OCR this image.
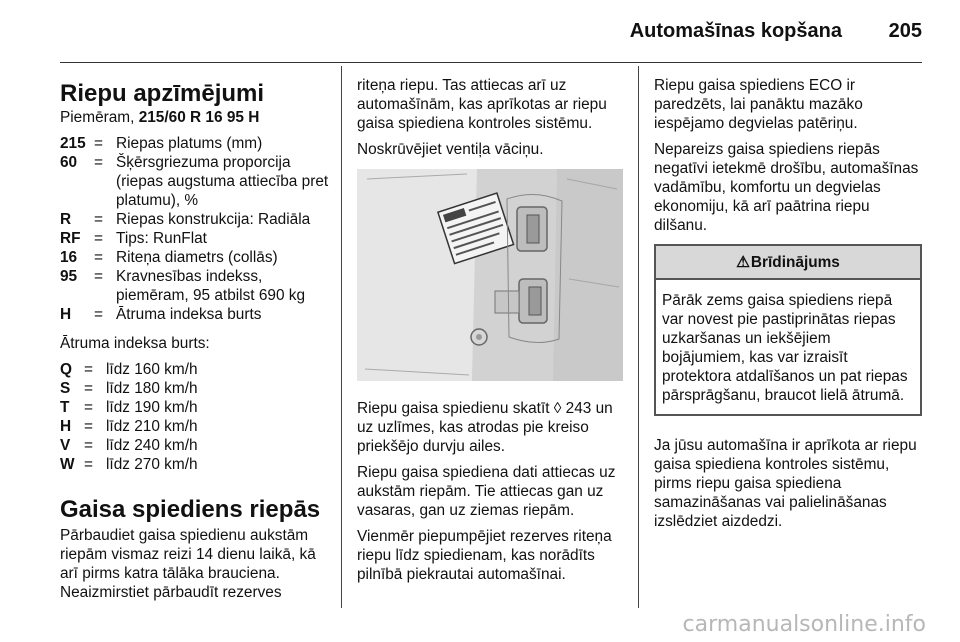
Automašīnas kopšana	205
Riepu apzīmējumi

Piemēram, 215/60 R 16 95 H

215 = Riepas platums (mm)
60	= Šķērsgriezuma proporcija (riepas augstuma attiecība pret platumu), %
R	= Riepas konstrukcija: Radiāla
RF = Tips: RunFlat
16	= Riteņa diametrs (collās)
95	= Kravnesības indekss, piemēram, 95 atbilst 690 kg
H	= Ātruma indeksa burts

Ātruma indeksa burts:

Q = līdz 160 km/h
S = līdz 180 km/h
T = līdz 190 km/h
H = līdz 210 km/h
V = līdz 240 km/h
W = līdz 270 km/h
Gaisa spiediens riepās

Pārbaudiet gaisa spiedienu aukstām riepām vismaz reizi 14 dienu laikā, kā arī pirms katra tālāka brauciena. Neaizmirstiet pārbaudīt rezerves

riteņa riepu. Tas attiecas arī uz automašīnām, kas aprīkotas ar riepu gaisa spiediena kontroles sistēmu.

Noskrūvējiet ventiļa vāciņu.

Riepu gaisa spiedienu skatīt ◊ 243 un uz uzlīmes, kas atrodas pie kreiso priekšējo durvju ailes.

Riepu gaisa spiediena dati attiecas uz aukstām riepām. Tie attiecas gan uz vasaras, gan uz ziemas riepām.

Vienmēr piepumpējiet rezerves riteņa riepu līdz spiedienam, kas norādīts pilnībā piekrautai automašīnai.

Riepu gaisa spiediens ECO ir paredzēts, lai panāktu mazāko iespējamo degvielas patēriņu.

Nepareizs gaisa spiediens riepās negatīvi ietekmē drošību, automašīnas vadāmību, komfortu un degvielas ekonomiju, kā arī paātrina riepu dilšanu.

⚠Brīdinājums
Pārāk zems gaisa spiediens riepā var novest pie pastiprinātas riepas uzkaršanas un iekšējiem bojājumiem, kas var izraisīt protektora atdalīšanos un pat riepas pārsprāgšanu, braucot lielā ātrumā.

Ja jūsu automašīna ir aprīkota ar riepu gaisa spiediena kontroles sistēmu, pirms riepu gaisa spiediena samazināšanas vai palielināšanas izslēdziet aizdedzi.

carmanualsonline.info
